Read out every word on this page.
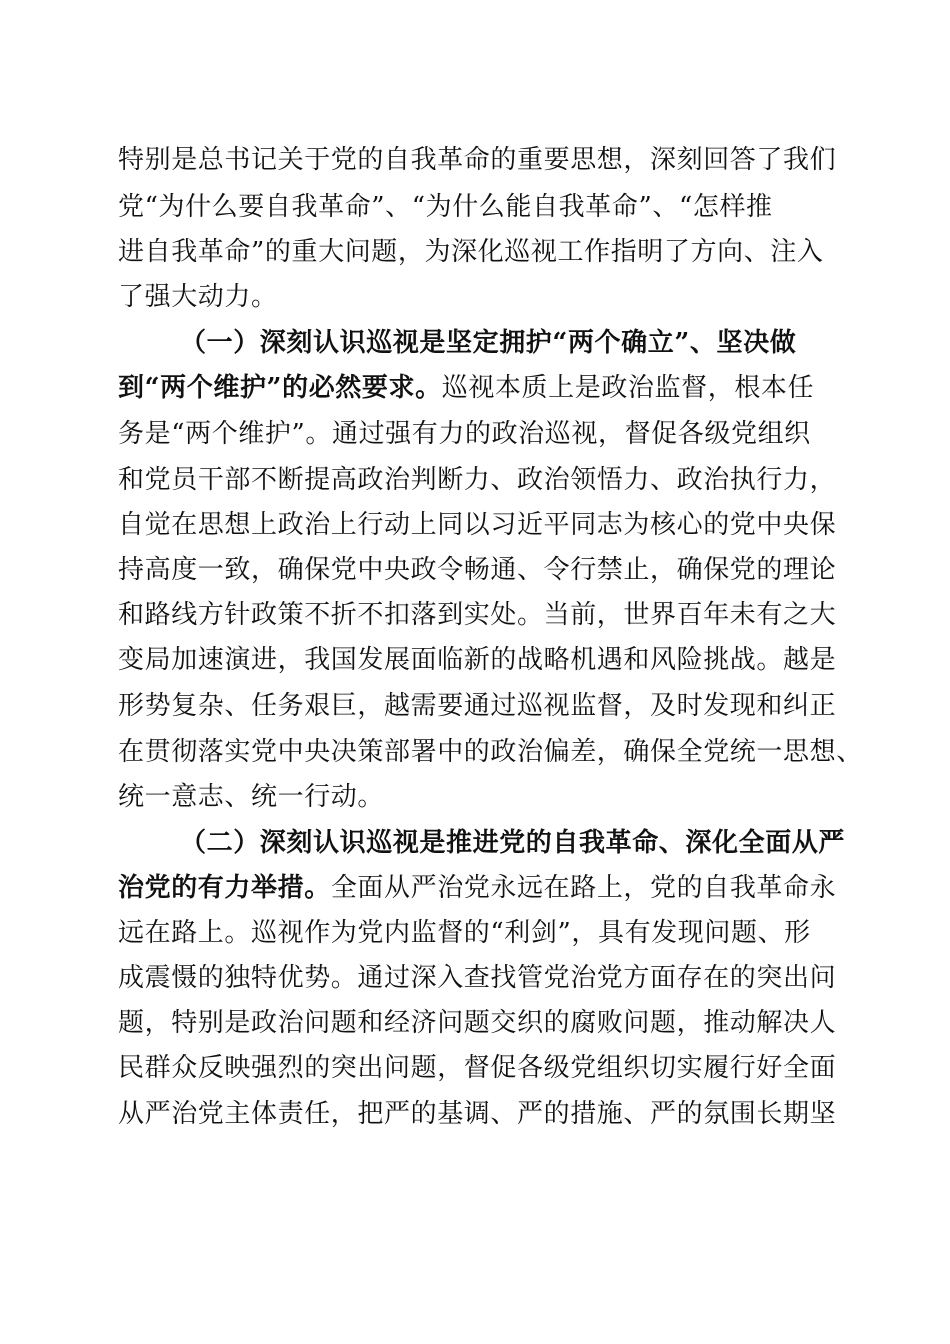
特别是总书记关于党的自我革命的重要思想，深刻回答了我们
党“为什么要自我革命”、“为什么能自我革命”、“怎样推
进自我革命”的重大问题，为深化巡视工作指明了方向、注入
了强大动力。
（一）深刻认识巡视是坚定拥护“两个确立”、坚决做
到“两个维护”的必然要求。巡视本质上是政治监督，根本任
务是“两个维护”。通过强有力的政治巡视，督促各级党组织
和党员干部不断提高政治判断力、政治领悟力、政治执行力，
自觉在思想上政治上行动上同以习近平同志为核心的党中央保
持高度一致，确保党中央政令畅通、令行禁止，确保党的理论
和路线方针政策不折不扣落到实处。当前，世界百年未有之大
变局加速演进，我国发展面临新的战略机遇和风险挑战。越是
形势复杂、任务艰巨，越需要通过巡视监督，及时发现和纠正
在贯彻落实党中央决策部署中的政治偏差，确保全党统一思想、
统一意志、统一行动。
（二）深刻认识巡视是推进党的自我革命、深化全面从严
治党的有力举措。全面从严治党永远在路上，党的自我革命永
远在路上。巡视作为党内监督的“利剑”，具有发现问题、形
成震慑的独特优势。通过深入查找管党治党方面存在的突出问
题，特别是政治问题和经济问题交织的腐败问题，推动解决人
民群众反映强烈的突出问题，督促各级党组织切实履行好全面
从严治党主体责任，把严的基调、严的措施、严的氛围长期坚
